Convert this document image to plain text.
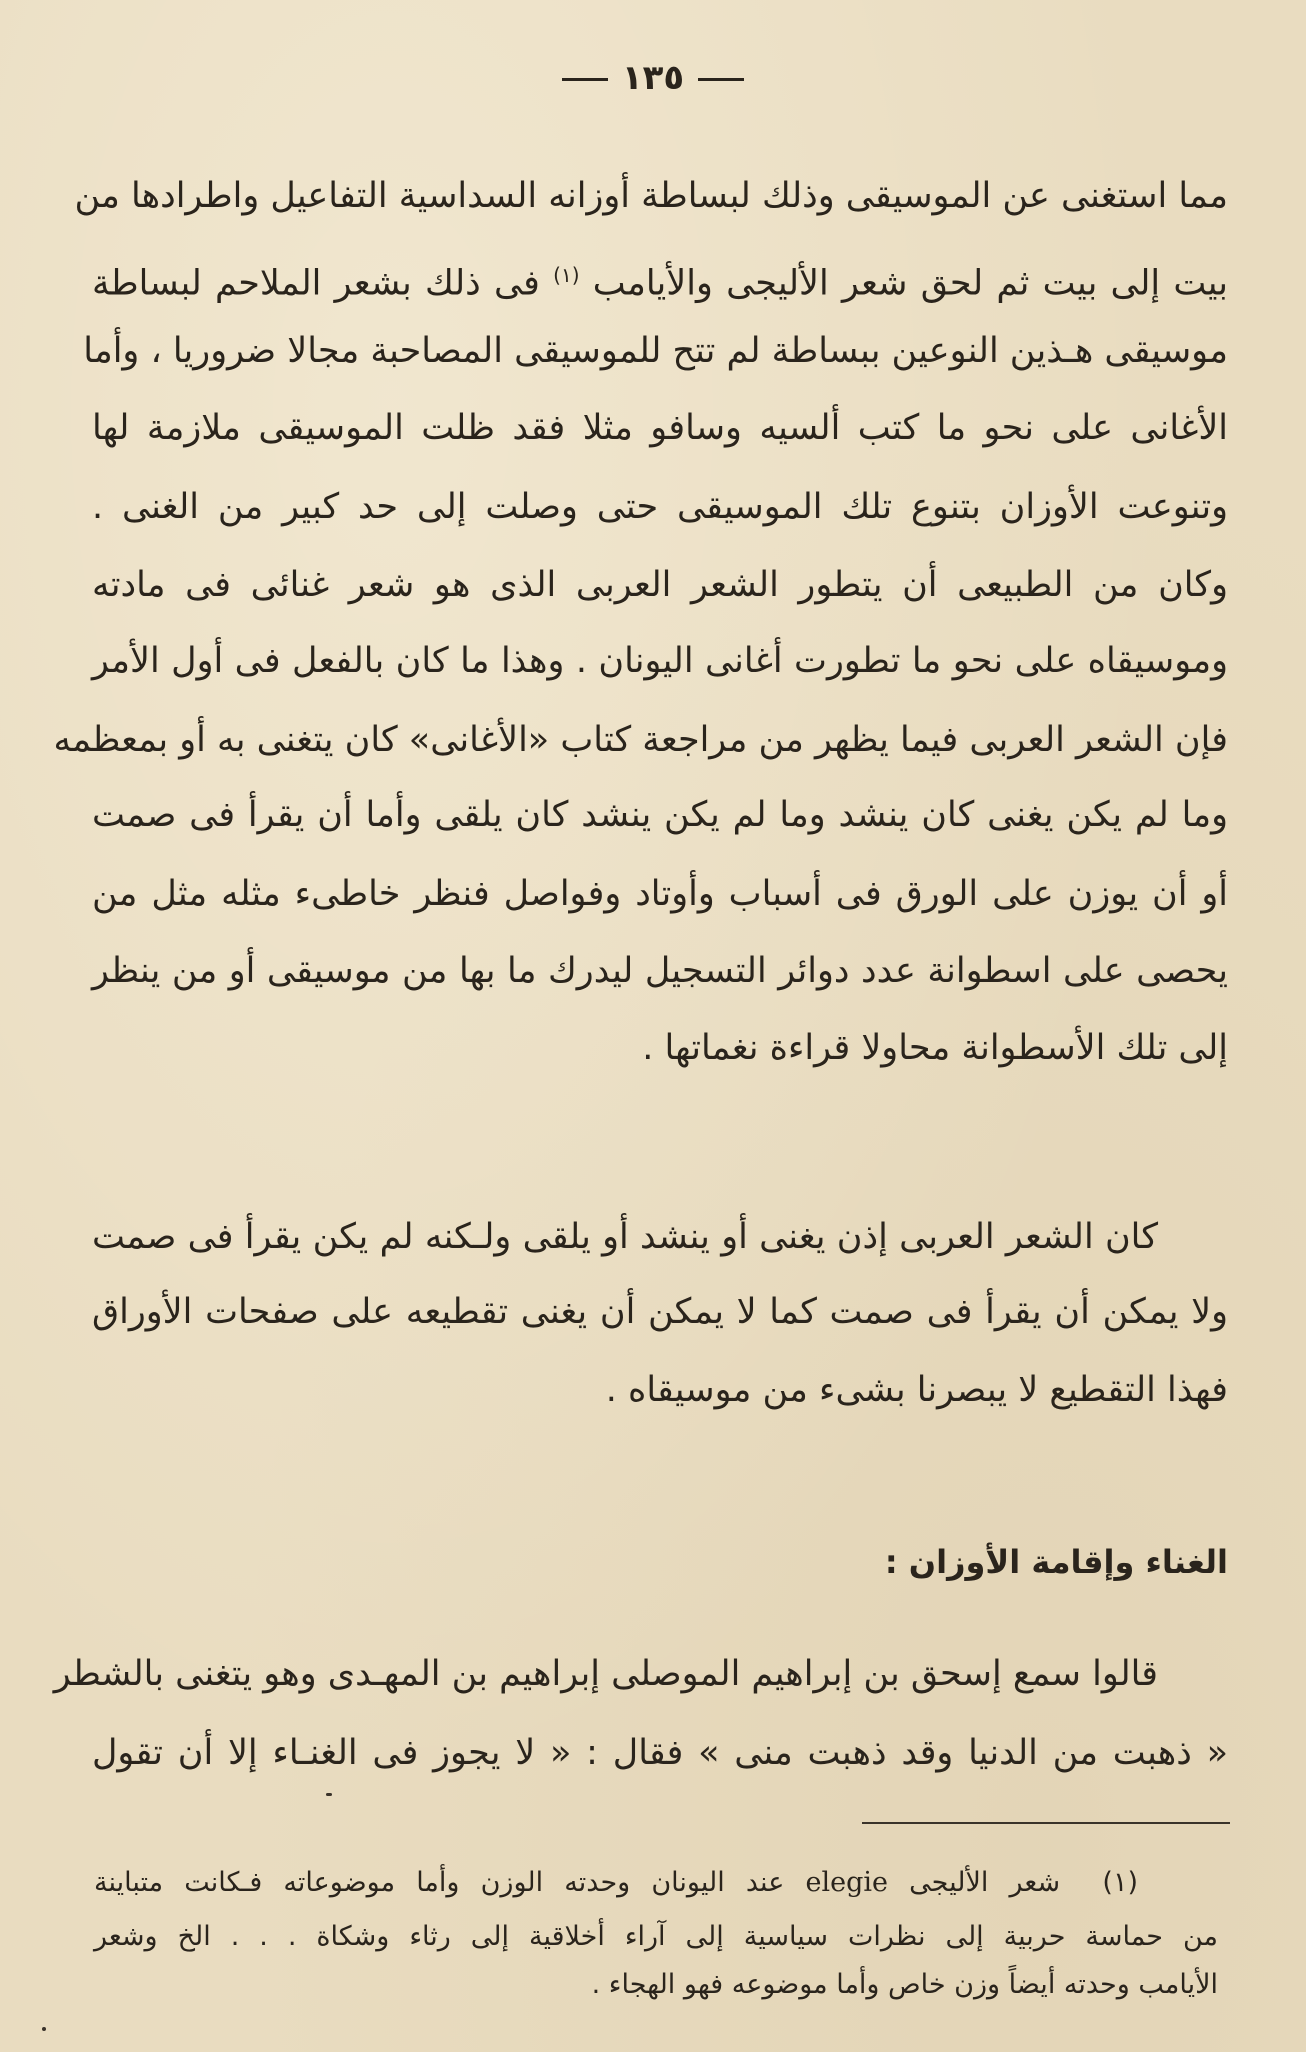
١٣٥
مما استغنى عن الموسيقى وذلك لبساطة أوزانه السداسية التفاعيل واطرادها من
بيت إلى بيت ثم لحق شعر الأليجى والأيامب $^{(١)}$ فى ذلك بشعر الملاحم لبساطة
موسيقى هـذين النوعين ببساطة لم تتح للموسيقى المصاحبة مجالا ضروريا ، وأما
الأغانى على نحو ما كتب ألسيه وسافو مثلا فقد ظلت الموسيقى ملازمة لها
وتنوعت الأوزان بتنوع تلك الموسيقى حتى وصلت إلى حد كبير من الغنى .
وكان من الطبيعى أن يتطور الشعر العربى الذى هو شعر غنائى فى مادته
وموسيقاه على نحو ما تطورت أغانى اليونان . وهذا ما كان بالفعل فى أول الأمر
فإن الشعر العربى فيما يظهر من مراجعة كتاب «الأغانى» كان يتغنى به أو بمعظمه
وما لم يكن يغنى كان ينشد وما لم يكن ينشد كان يلقى وأما أن يقرأ فى صمت
أو أن يوزن على الورق فى أسباب وأوتاد وفواصل فنظر خاطىء مثله مثل من
يحصى على اسطوانة عدد دوائر التسجيل ليدرك ما بها من موسيقى أو من ينظر
إلى تلك الأسطوانة محاولا قراءة نغماتها .
كان الشعر العربى إذن يغنى أو ينشد أو يلقى ولـكنه لم يكن يقرأ فى صمت
ولا يمكن أن يقرأ فى صمت كما لا يمكن أن يغنى تقطيعه على صفحات الأوراق
فهذا التقطيع لا يبصرنا بشىء من موسيقاه .
الغناء وإقامة الأوزان :
قالوا سمع إسحق بن إبراهيم الموصلى إبراهيم بن المهـدى وهو يتغنى بالشطر
« ذهبت من الدنيا وقد ذهبت منى » فقال : « لا يجوز فى الغنـاء إلا أن تقول
(١)  شعر الأليجى elegie عند اليونان وحدته الوزن وأما موضوعاته فـكانت متباينة
من حماسة حربية إلى نظرات سياسية إلى آراء أخلاقية إلى رثاء وشكاة . . . الخ وشعر
الأيامب وحدته أيضاً وزن خاص وأما موضوعه فهو الهجاء .
